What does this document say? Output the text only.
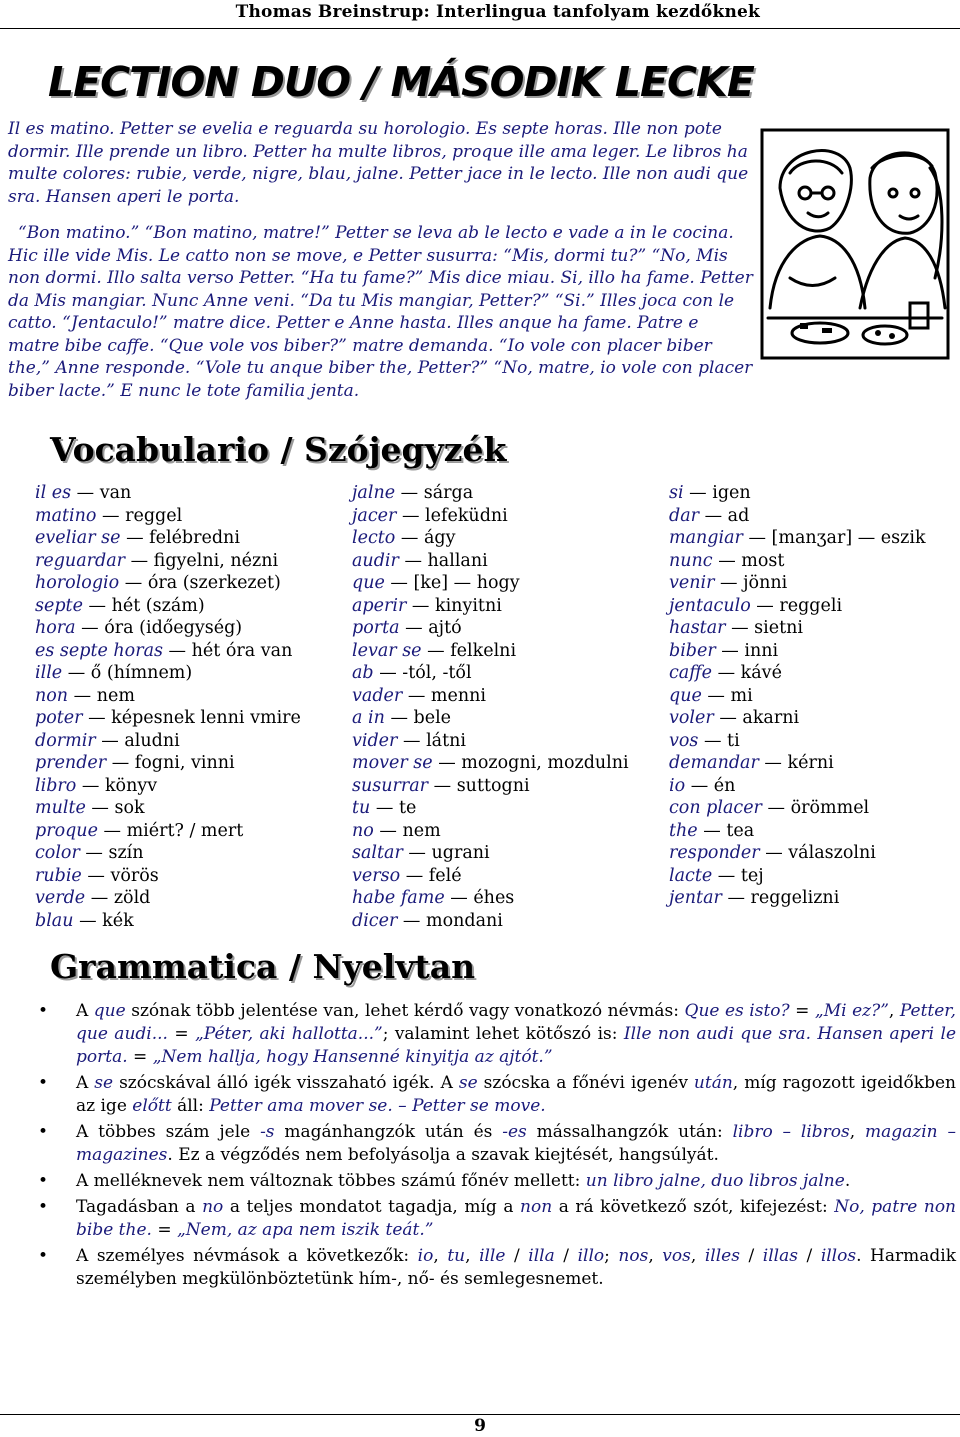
Thomas Breinstrup: Interlingua tanfolyam kezdőknek
LECTION DUO / MÁSODIK LECKE

Il es matino. Petter se evelia e reguarda su horologio. Es septe horas. Ille non pote dormir. Ille prende un libro. Petter ha multe libros, proque ille ama leger. Le libros ha multe colores: rubie, verde, nigre, blau, jalne. Petter jace in le lecto. Ille non audi que sra. Hansen aperi le porta.

“Bon matino.” “Bon matino, matre!” Petter se leva ab le lecto e vade a in le cocina. Hic ille vide Mis. Le catto non se move, e Petter susurra: “Mis, dormi tu?” “No, Mis non dormi. Illo salta verso Petter. “Ha tu fame?” Mis dice miau. Si, illo ha fame. Petter da Mis mangiar. Nunc Anne veni. “Da tu Mis mangiar, Petter?” “Si.” Illes joca con le catto. “Jentaculo!” matre dice. Petter e Anne hasta. Illes anque ha fame. Patre e matre bibe caffe. “Que vole vos biber?” matre demanda. “Io vole con placer biber the,” Anne responde. “Vole tu anque biber the, Petter?” “No, matre, io vole con placer biber lacte.” E nunc le tote familia jenta.

Vocabulario / Szójegyzék
il es — van
matino — reggel
eveliar se — felébredni
reguardar — figyelni, nézni
horologio — óra (szerkezet)
septe — hét (szám)
hora — óra (időegység)
es septe horas — hét óra van
ille — ő (hímnem)
non — nem
poter — képesnek lenni vmire
dormir — aludni
prender — fogni, vinni
libro — könyv
multe — sok
proque — miért? / mert
color — szín
rubie — vörös
verde — zöld
blau — kék
jalne — sárga
jacer — lefeküdni
lecto — ágy
audir — hallani
que — [ke] — hogy
aperir — kinyitni
porta — ajtó
levar se — felkelni
ab — -tól, -től
vader — menni
a in — bele
vider — látni
mover se — mozogni, mozdulni
susurrar — suttogni
tu — te
no — nem
saltar — ugrani
verso — felé
habe fame — éhes
dicer — mondani
si — igen
dar — ad
mangiar — [manʒar] — eszik
nunc — most
venir — jönni
jentaculo — reggeli
hastar — sietni
biber — inni
caffe — kávé
que — mi
voler — akarni
vos — ti
demandar — kérni
io — én
con placer — örömmel
the — tea
responder — válaszolni
lacte — tej
jentar — reggelizni
Grammatica / Nyelvtan
• A que szónak több jelentése van, lehet kérdő vagy vonatkozó névmás: Que es isto? = „Mi ez?”, Petter, que audi... = „Péter, aki hallotta...”; valamint lehet kötőszó is: Ille non audi que sra. Hansen aperi le porta. = „Nem hallja, hogy Hansenné kinyitja az ajtót.”
• A se szócskával álló igék visszaható igék. A se szócska a főnévi igenév után, míg ragozott igeidőkben az ige előtt áll: Petter ama mover se. – Petter se move.
• A többes szám jele -s magánhangzók után és -es mássalhangzók után: libro – libros, magazin – magazines. Ez a végződés nem befolyásolja a szavak kiejtését, hangsúlyát.
• A melléknevek nem változnak többes számú főnév mellett: un libro jalne, duo libros jalne.
• Tagadásban a no a teljes mondatot tagadja, míg a non a rá következő szót, kifejezést: No, patre non bibe the. = „Nem, az apa nem iszik teát.”
• A személyes névmások a következők: io, tu, ille / illa / illo; nos, vos, illes / illas / illos. Harmadik személyben megkülönböztetünk hím-, nő- és semlegesnemet.
9
